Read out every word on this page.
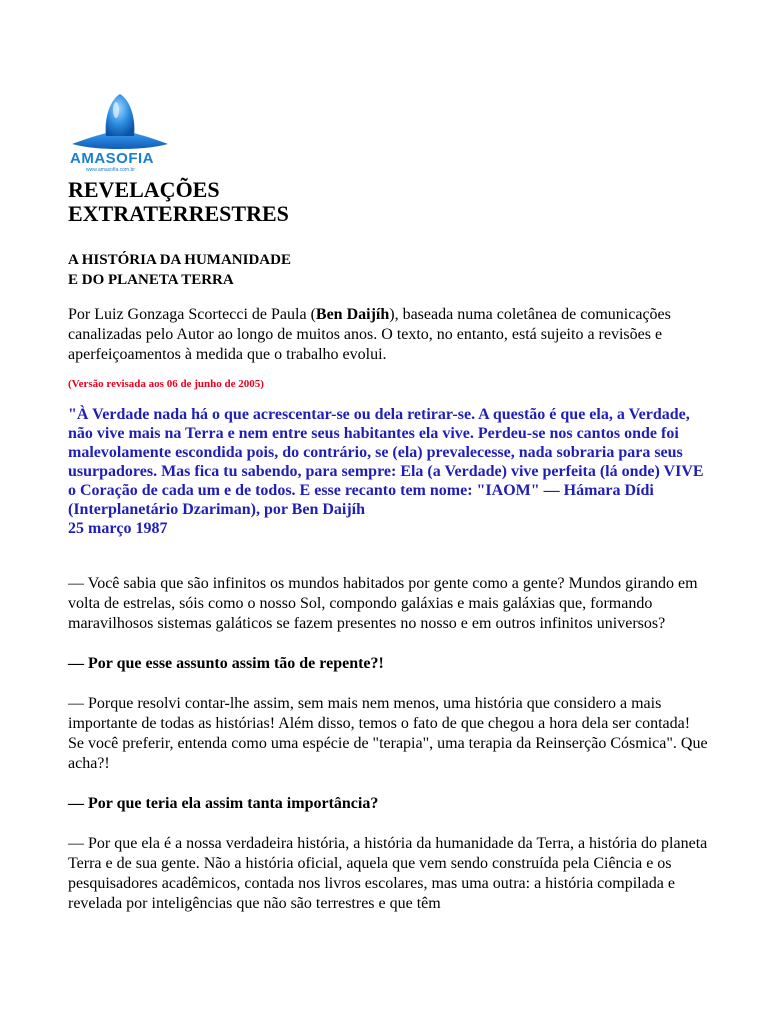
AMASOFIA
www.amasofia.com.br
REVELAÇÕES
EXTRATERRESTRES
A HISTÓRIA DA HUMANIDADE
E DO PLANETA TERRA

Por Luiz Gonzaga Scortecci de Paula (Ben Daijíh), baseada numa coletânea de comunicações canalizadas pelo Autor ao longo de muitos anos. O texto, no entanto, está sujeito a revisões e aperfeiçoamentos à medida que o trabalho evolui.

(Versão revisada aos 06 de junho de 2005)

"À Verdade nada há o que acrescentar-se ou dela retirar-se. A questão é que ela, a Verdade, não vive mais na Terra e nem entre seus habitantes ela vive. Perdeu-se nos cantos onde foi malevolamente escondida pois, do contrário, se (ela) prevalecesse, nada sobraria para seus usurpadores. Mas fica tu sabendo, para sempre: Ela (a Verdade) vive perfeita (lá onde) VIVE o Coração de cada um e de todos. E esse recanto tem nome: "IAOM" — Hámara Dídi (Interplanetário Dzariman), por Ben Daijíh
25 março 1987

— Você sabia que são infinitos os mundos habitados por gente como a gente? Mundos girando em volta de estrelas, sóis como o nosso Sol, compondo galáxias e mais galáxias que, formando maravilhosos sistemas galáticos se fazem presentes no nosso e em outros infinitos universos?

— Por que esse assunto assim tão de repente?!

— Porque resolvi contar-lhe assim, sem mais nem menos, uma história que considero a mais importante de todas as histórias! Além disso, temos o fato de que chegou a hora dela ser contada! Se você preferir, entenda como uma espécie de "terapia", uma terapia da Reinserção Cósmica". Que acha?!

— Por que teria ela assim tanta importância?

— Por que ela é a nossa verdadeira história, a história da humanidade da Terra, a história do planeta Terra e de sua gente. Não a história oficial, aquela que vem sendo construída pela Ciência e os pesquisadores acadêmicos, contada nos livros escolares, mas uma outra: a história compilada e revelada por inteligências que não são terrestres e que têm
